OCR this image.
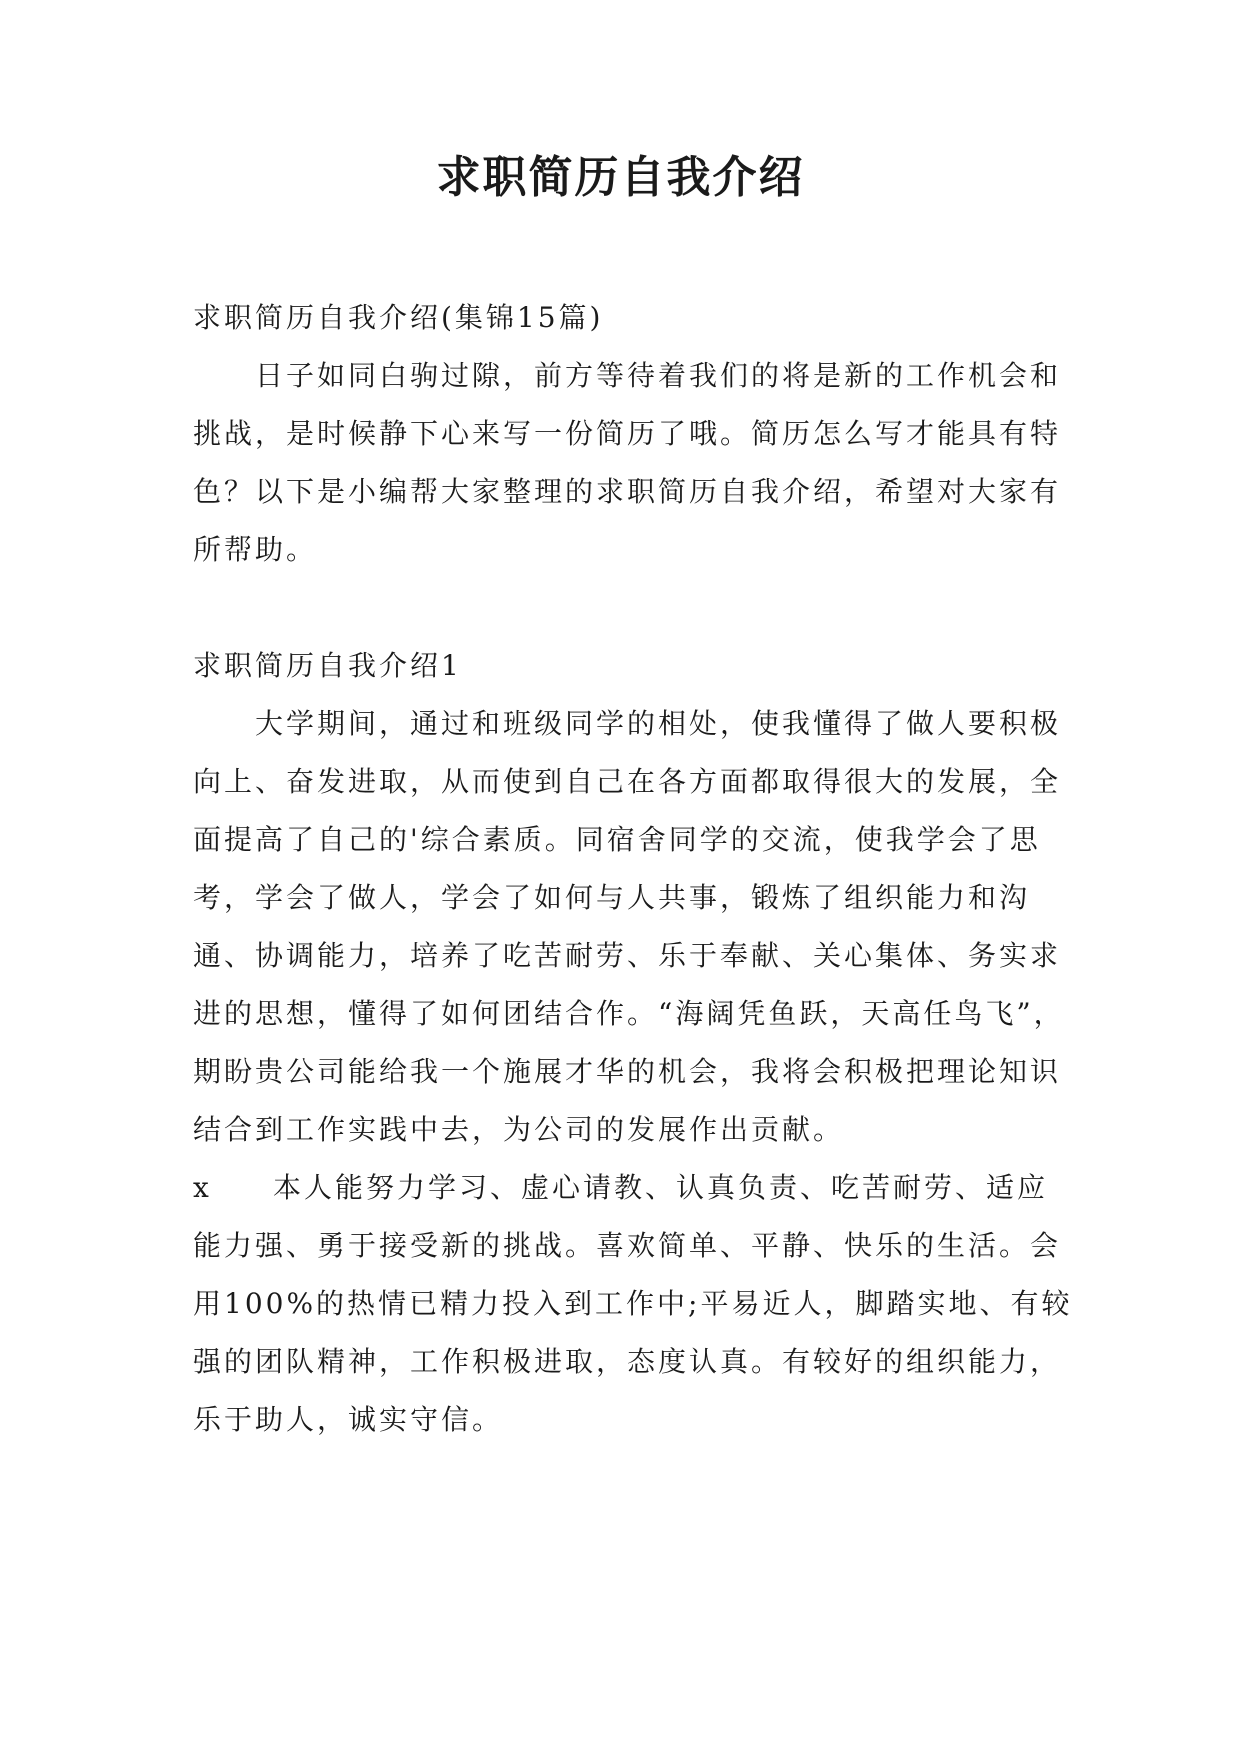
求职简历自我介绍

求职简历自我介绍(集锦15篇)

日子如同白驹过隙，前方等待着我们的将是新的工作机会和挑战，是时候静下心来写一份简历了哦。简历怎么写才能具有特色？以下是小编帮大家整理的求职简历自我介绍，希望对大家有所帮助。

求职简历自我介绍1

大学期间，通过和班级同学的相处，使我懂得了做人要积极向上、奋发进取，从而使到自己在各方面都取得很大的发展，全面提高了自己的'综合素质。同宿舍同学的交流，使我学会了思考，学会了做人，学会了如何与人共事，锻炼了组织能力和沟通、协调能力，培养了吃苦耐劳、乐于奉献、关心集体、务实求进的思想，懂得了如何团结合作。“海阔凭鱼跃，天高任鸟飞”，期盼贵公司能给我一个施展才华的机会，我将会积极把理论知识结合到工作实践中去，为公司的发展作出贡献。

x 本人能努力学习、虚心请教、认真负责、吃苦耐劳、适应能力强、勇于接受新的挑战。喜欢简单、平静、快乐的生活。会用100%的热情已精力投入到工作中;平易近人，脚踏实地、有较强的团队精神，工作积极进取，态度认真。有较好的组织能力，乐于助人，诚实守信。
